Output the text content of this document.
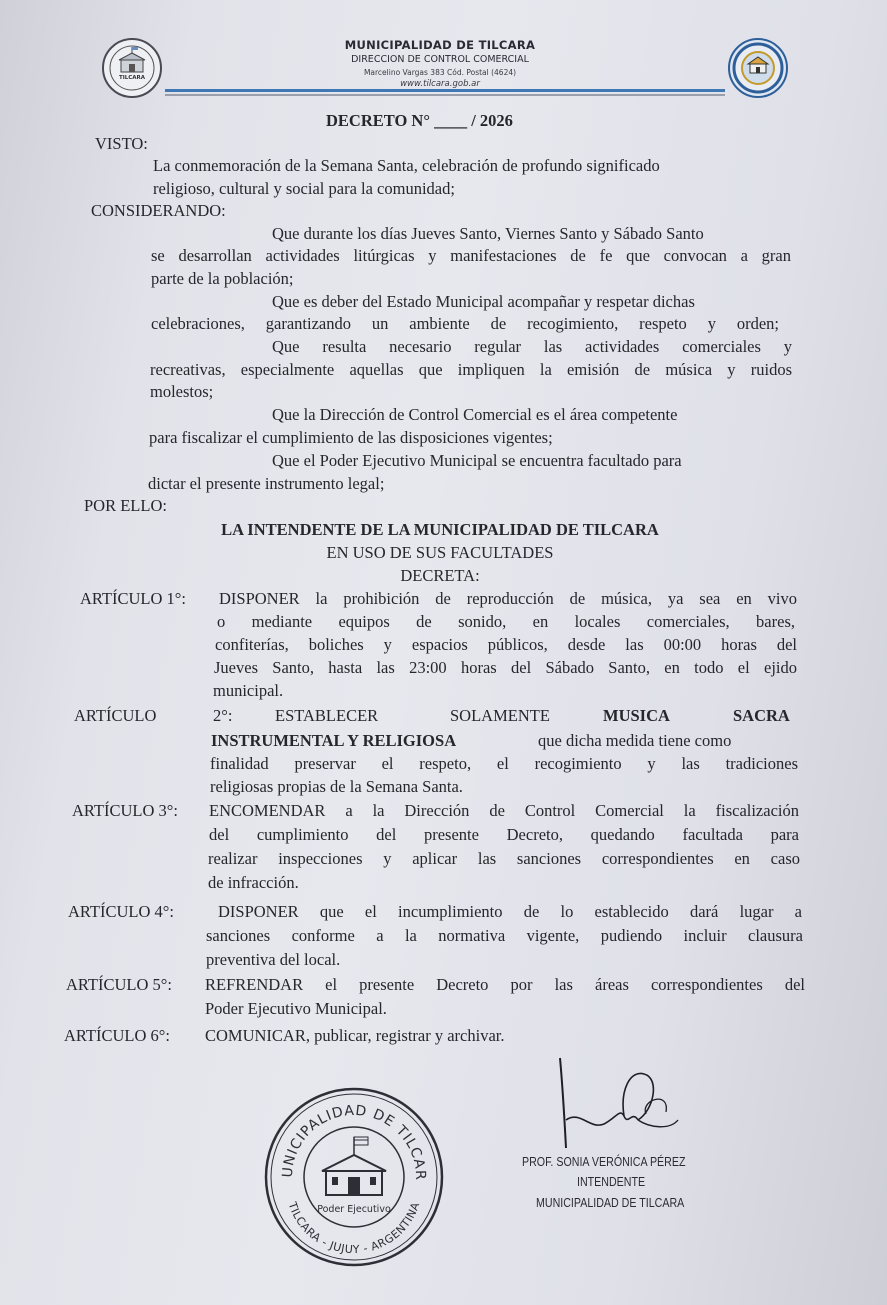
TILCARA
MUNICIPALIDAD DE TILCARA
DIRECCION DE CONTROL COMERCIAL
Marcelino Vargas 383 Cód. Postal (4624)
www.tilcara.gob.ar
DECRETO N° ____ / 2026
VISTO:
La conmemoración de la Semana Santa, celebración de profundo significado
religioso, cultural y social para la comunidad;
CONSIDERANDO:
Que durante los días Jueves Santo, Viernes Santo y Sábado Santo
se desarrollan actividades litúrgicas y manifestaciones de fe que convocan a gran
parte de la población;
Que es deber del Estado Municipal acompañar y respetar dichas
celebraciones, garantizando un ambiente de recogimiento, respeto y orden;
Que resulta necesario regular las actividades comerciales y
recreativas, especialmente aquellas que impliquen la emisión de música y ruidos
molestos;
Que la Dirección de Control Comercial es el área competente
para fiscalizar el cumplimiento de las disposiciones vigentes;
Que el Poder Ejecutivo Municipal se encuentra facultado para
dictar el presente instrumento legal;
POR ELLO:
LA INTENDENTE DE LA MUNICIPALIDAD DE TILCARA
EN USO DE SUS FACULTADES
DECRETA:
ARTÍCULO 1°: DISPONER la prohibición de reproducción de música, ya sea en vivo
o mediante equipos de sonido, en locales comerciales, bares,
confiterías, boliches y espacios públicos, desde las 00:00 horas del
Jueves Santo, hasta las 23:00 horas del Sábado Santo, en todo el ejido
municipal.
ARTÍCULO	2°:	ESTABLECER	SOLAMENTE	MUSICA	SACRA
INSTRUMENTAL Y RELIGIOSA	que dicha medida tiene como
finalidad preservar el respeto, el recogimiento y las tradiciones
religiosas propias de la Semana Santa.
ARTÍCULO 3°: ENCOMENDAR a la Dirección de Control Comercial la fiscalización
del cumplimiento del presente Decreto, quedando facultada para
realizar inspecciones y aplicar las sanciones correspondientes en caso
de infracción.
ARTÍCULO 4°:	DISPONER que el incumplimiento de lo establecido dará lugar a
sanciones conforme a la normativa vigente, pudiendo incluir clausura
preventiva del local.
ARTÍCULO 5°: REFRENDAR el presente Decreto por las áreas correspondientes del
Poder Ejecutivo Municipal.
ARTÍCULO 6°: COMUNICAR, publicar, registrar y archivar.
UNICIPALIDAD DE TILCAR
TILCARA - JUJUY - ARGENTINA
Poder Ejecutivo
PROF. SONIA VERÓNICA PÉREZ
INTENDENTE
MUNICIPALIDAD DE TILCARA
